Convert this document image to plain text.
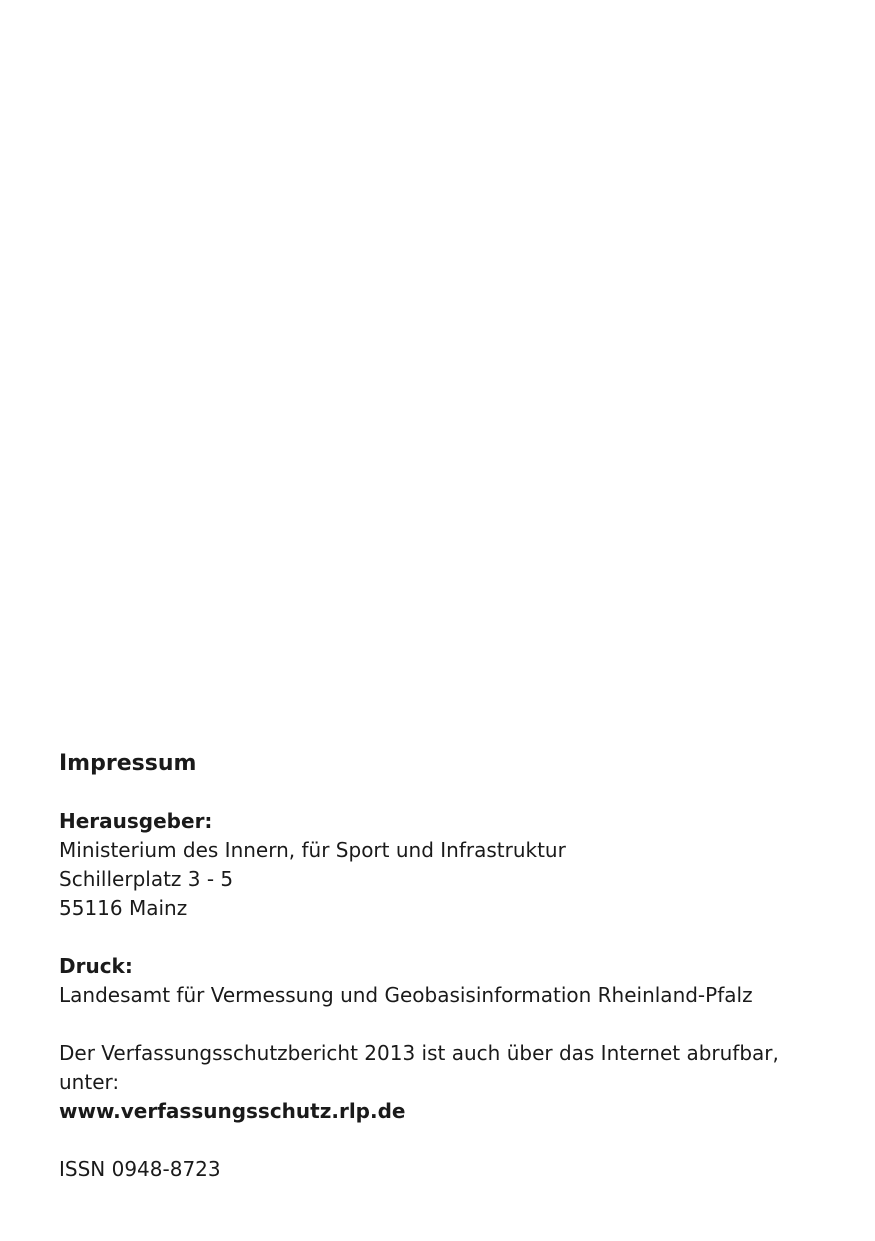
Impressum
Herausgeber:
Ministerium des Innern, für Sport und Infrastruktur
Schillerplatz 3 - 5
55116 Mainz
Druck:
Landesamt für Vermessung und Geobasisinformation Rheinland-Pfalz
Der Verfassungsschutzbericht 2013 ist auch über das Internet abrufbar,
unter:
www.verfassungsschutz.rlp.de
ISSN 0948-8723
